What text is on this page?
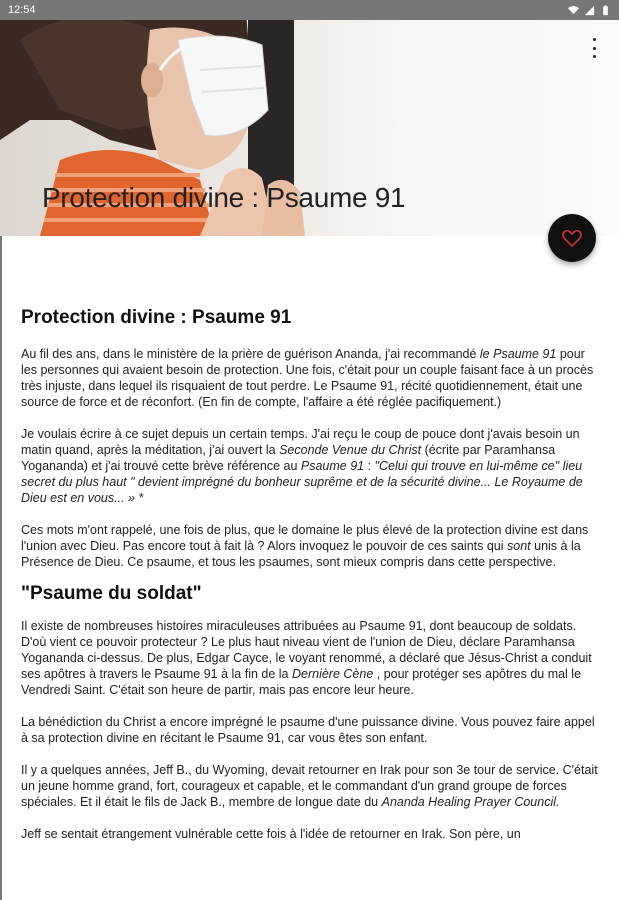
Protection divine : Psaume 91
12:54
Protection divine : Psaume 91

Au fil des ans, dans le ministère de la prière de guérison Ananda, j'ai recommandé le Psaume 91 pour les personnes qui avaient besoin de protection. Une fois, c'était pour un couple faisant face à un procès très injuste, dans lequel ils risquaient de tout perdre. Le Psaume 91, récité quotidiennement, était une source de force et de réconfort. (En fin de compte, l'affaire a été réglée pacifiquement.)

Je voulais écrire à ce sujet depuis un certain temps. J'ai reçu le coup de pouce dont j'avais besoin un matin quand, après la méditation, j'ai ouvert la Seconde Venue du Christ (écrite par Paramhansa Yogananda) et j'ai trouvé cette brève référence au Psaume 91 : "Celui qui trouve en lui-même ce" lieu secret du plus haut " devient imprégné du bonheur suprême et de la sécurité divine... Le Royaume de Dieu est en vous... » *

Ces mots m'ont rappelé, une fois de plus, que le domaine le plus élevé de la protection divine est dans l'union avec Dieu. Pas encore tout à fait là ? Alors invoquez le pouvoir de ces saints qui sont unis à la Présence de Dieu. Ce psaume, et tous les psaumes, sont mieux compris dans cette perspective.

"Psaume du soldat"

Il existe de nombreuses histoires miraculeuses attribuées au Psaume 91, dont beaucoup de soldats. D'où vient ce pouvoir protecteur ? Le plus haut niveau vient de l'union de Dieu, déclare Paramhansa Yogananda ci-dessus. De plus, Edgar Cayce, le voyant renommé, a déclaré que Jésus-Christ a conduit ses apôtres à travers le Psaume 91 à la fin de la Dernière Cène , pour protéger ses apôtres du mal le Vendredi Saint. C'était son heure de partir, mais pas encore leur heure.

La bénédiction du Christ a encore imprégné le psaume d'une puissance divine. Vous pouvez faire appel à sa protection divine en récitant le Psaume 91, car vous êtes son enfant.

Il y a quelques années, Jeff B., du Wyoming, devait retourner en Irak pour son 3e tour de service. C'était un jeune homme grand, fort, courageux et capable, et le commandant d'un grand groupe de forces spéciales. Et il était le fils de Jack B., membre de longue date du Ananda Healing Prayer Council.

Jeff se sentait étrangement vulnérable cette fois à l'idée de retourner en Irak. Son père, un
